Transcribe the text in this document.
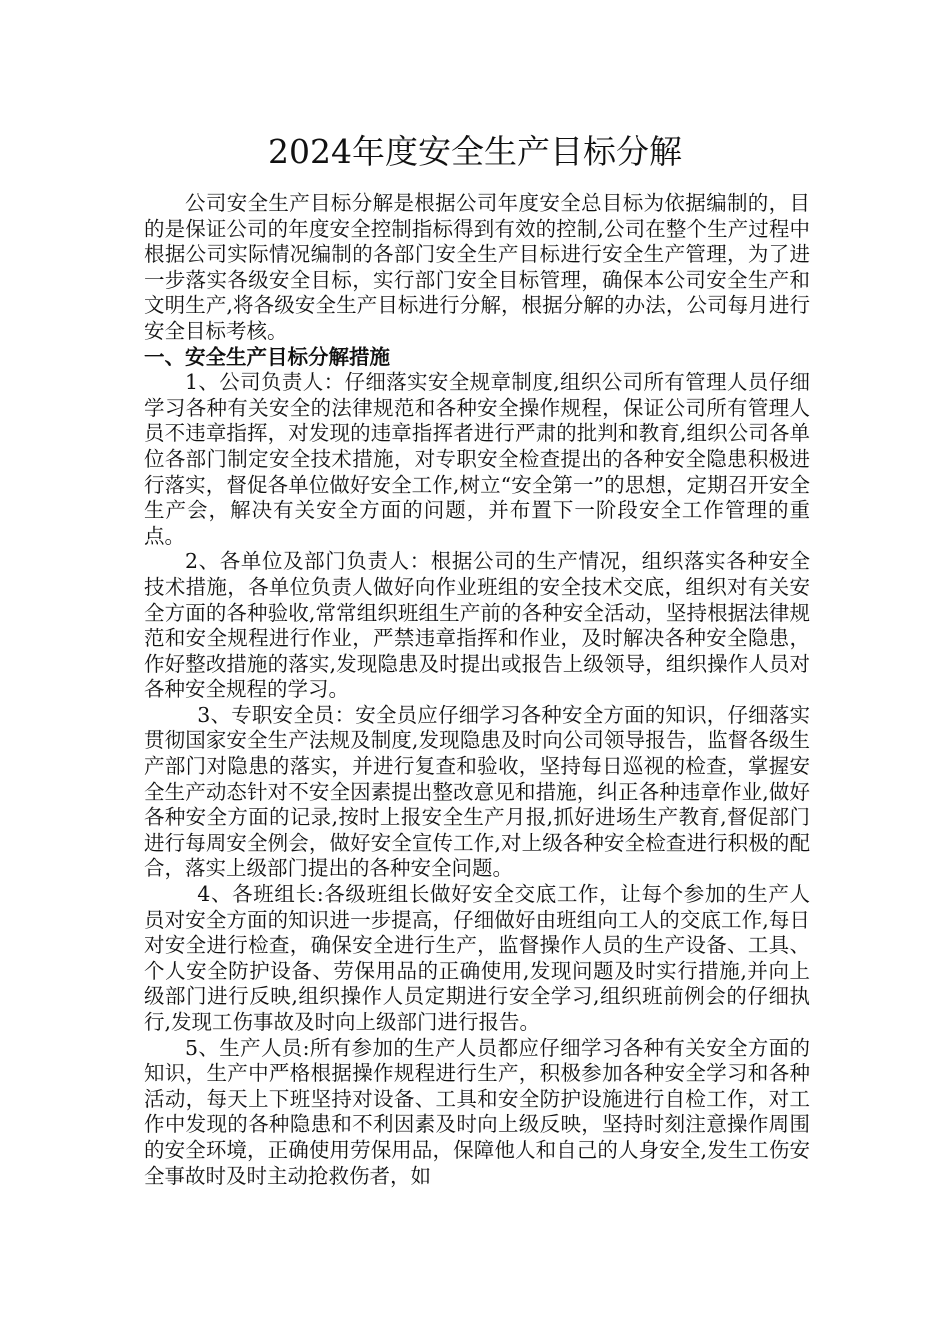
2024年度安全生产目标分解

公司安全生产目标分解是根据公司年度安全总目标为依据编制的，目的是保证公司的年度安全控制指标得到有效的控制,公司在整个生产过程中根据公司实际情况编制的各部门安全生产目标进行安全生产管理，为了进一步落实各级安全目标，实行部门安全目标管理，确保本公司安全生产和文明生产,将各级安全生产目标进行分解，根据分解的办法，公司每月进行安全目标考核。

一、安全生产目标分解措施

1、公司负责人：仔细落实安全规章制度,组织公司所有管理人员仔细学习各种有关安全的法律规范和各种安全操作规程，保证公司所有管理人员不违章指挥，对发现的违章指挥者进行严肃的批判和教育,组织公司各单位各部门制定安全技术措施，对专职安全检查提出的各种安全隐患积极进行落实，督促各单位做好安全工作,树立“安全第一”的思想，定期召开安全生产会，解决有关安全方面的问题，并布置下一阶段安全工作管理的重点。

2、各单位及部门负责人：根据公司的生产情况，组织落实各种安全技术措施，各单位负责人做好向作业班组的安全技术交底，组织对有关安全方面的各种验收,常常组织班组生产前的各种安全活动，坚持根据法律规范和安全规程进行作业，严禁违章指挥和作业，及时解决各种安全隐患，作好整改措施的落实,发现隐患及时提出或报告上级领导，组织操作人员对各种安全规程的学习。

3、专职安全员：安全员应仔细学习各种安全方面的知识，仔细落实贯彻国家安全生产法规及制度,发现隐患及时向公司领导报告，监督各级生产部门对隐患的落实，并进行复查和验收，坚持每日巡视的检查，掌握安全生产动态针对不安全因素提出整改意见和措施，纠正各种违章作业,做好各种安全方面的记录,按时上报安全生产月报,抓好进场生产教育,督促部门进行每周安全例会，做好安全宣传工作,对上级各种安全检查进行积极的配合，落实上级部门提出的各种安全问题。

4、各班组长:各级班组长做好安全交底工作，让每个参加的生产人员对安全方面的知识进一步提高，仔细做好由班组向工人的交底工作,每日对安全进行检查，确保安全进行生产，监督操作人员的生产设备、工具、个人安全防护设备、劳保用品的正确使用,发现问题及时实行措施,并向上级部门进行反映,组织操作人员定期进行安全学习,组织班前例会的仔细执行,发现工伤事故及时向上级部门进行报告。

5、生产人员:所有参加的生产人员都应仔细学习各种有关安全方面的知识，生产中严格根据操作规程进行生产，积极参加各种安全学习和各种活动，每天上下班坚持对设备、工具和安全防护设施进行自检工作，对工作中发现的各种隐患和不利因素及时向上级反映，坚持时刻注意操作周围的安全环境，正确使用劳保用品，保障他人和自己的人身安全,发生工伤安全事故时及时主动抢救伤者，如
